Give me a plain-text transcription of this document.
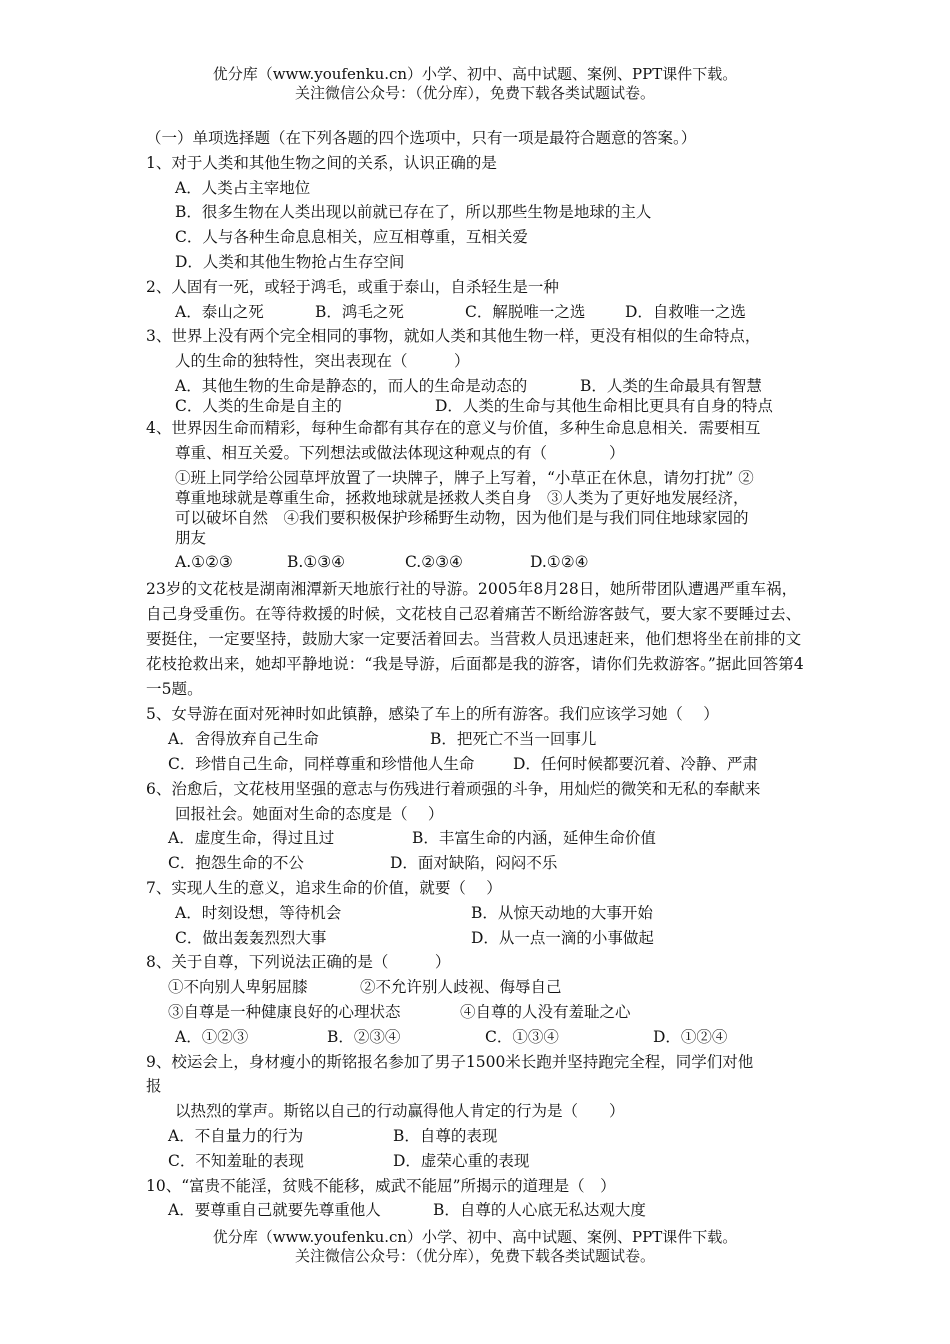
优分库（www.youfenku.cn）小学、初中、高中试题、案例、PPT课件下载。
关注微信公众号：（优分库），免费下载各类试题试卷。

（一）单项选择题（在下列各题的四个选项中，只有一项是最符合题意的答案。）

1、对于人类和其他生物之间的关系，认识正确的是

A．人类占主宰地位

B．很多生物在人类出现以前就已存在了，所以那些生物是地球的主人

C．人与各种生命息息相关，应互相尊重，互相关爱

D．人类和其他生物抢占生存空间

2、人固有一死，或轻于鸿毛，或重于泰山，自杀轻生是一种

A．泰山之死	B．鸿毛之死	C．解脱唯一之选	D．自救唯一之选

3、世界上没有两个完全相同的事物，就如人类和其他生物一样，更没有相似的生命特点，

人的生命的独特性，突出表现在（　　　）

A．其他生物的生命是静态的，而人的生命是动态的	B．人类的生命最具有智慧

C．人类的生命是自主的	D．人类的生命与其他生命相比更具有自身的特点

4、世界因生命而精彩，每种生命都有其存在的意义与价值，多种生命息息相关．需要相互

尊重、相互关爱。下列想法或做法体现这种观点的有（　　　　）

①班上同学给公园草坪放置了一块牌子，牌子上写着，“小草正在休息，请勿打扰” ②

尊重地球就是尊重生命，拯救地球就是拯救人类自身　③人类为了更好地发展经济，

可以破坏自然　④我们要积极保护珍稀野生动物，因为他们是与我们同住地球家园的

朋友

A.①②③	B.①③④	C.②③④	D.①②④

23岁的文花枝是湖南湘潭新天地旅行社的导游。2005年8月28日，她所带团队遭遇严重车祸，自己身受重伤。在等待救援的时候，文花枝自己忍着痛苦不断给游客鼓气，要大家不要睡过去、要挺住，一定要坚持，鼓励大家一定要活着回去。当营救人员迅速赶来，他们想将坐在前排的文花枝抢救出来，她却平静地说：“我是导游，后面都是我的游客，请你们先救游客。”据此回答第4一5题。

5、女导游在面对死神时如此镇静，感染了车上的所有游客。我们应该学习她（　 ）

A．舍得放弃自己生命	B．把死亡不当一回事儿

C．珍惜自己生命，同样尊重和珍惜他人生命	D．任何时候都要沉着、冷静、严肃

6、治愈后，文花枝用坚强的意志与伤残进行着顽强的斗争，用灿烂的微笑和无私的奉献来

回报社会。她面对生命的态度是（　 ）

A．虚度生命，得过且过	B．丰富生命的内涵，延伸生命价值

C．抱怨生命的不公	D．面对缺陷，闷闷不乐

7、实现人生的意义，追求生命的价值，就要（　 ）

A．时刻设想，等待机会	B．从惊天动地的大事开始

C．做出轰轰烈烈大事	D．从一点一滴的小事做起

8、关于自尊，下列说法正确的是（　　　）

①不向别人卑躬屈膝	②不允许别人歧视、侮辱自己

③自尊是一种健康良好的心理状态	④自尊的人没有羞耻之心

A．①②③	B．②③④	C．①③④	D．①②④

9、校运会上，身材瘦小的斯铭报名参加了男子1500米长跑并坚持跑完全程，同学们对他

报

以热烈的掌声。斯铭以自己的行动赢得他人肯定的行为是（　　）

A．不自量力的行为	B．自尊的表现

C．不知羞耻的表现	D．虚荣心重的表现

10、“富贵不能淫，贫贱不能移，威武不能屈”所揭示的道理是（　）

A．要尊重自己就要先尊重他人	B．自尊的人心底无私达观大度

优分库（www.youfenku.cn）小学、初中、高中试题、案例、PPT课件下载。
关注微信公众号：（优分库），免费下载各类试题试卷。
